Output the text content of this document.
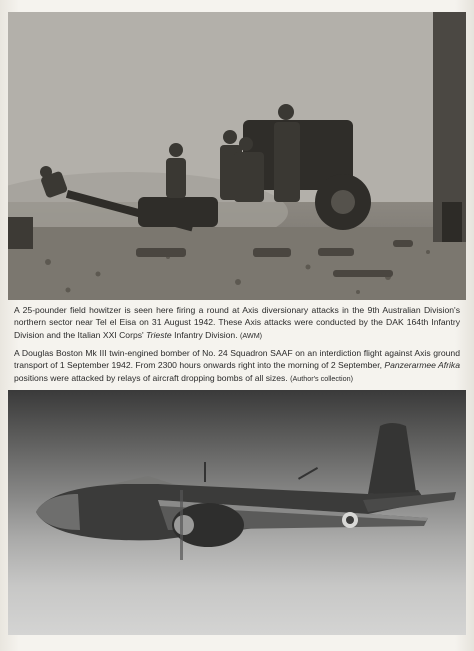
A 25-pounder field howitzer is seen here firing a round at Axis diversionary attacks in the 9th Australian Division's northern sector near Tel el Eisa on 31 August 1942. These Axis attacks were conducted by the DAK 164th Infantry Division and the Italian XXI Corps' Trieste Infantry Division. (AWM)

A Douglas Boston Mk III twin-engined bomber of No. 24 Squadron SAAF on an interdiction flight against Axis ground transport of 1 September 1942. From 2300 hours onwards right into the morning of 2 September, Panzerarmee Afrika positions were attacked by relays of aircraft dropping bombs of all sizes. (Author's collection)
